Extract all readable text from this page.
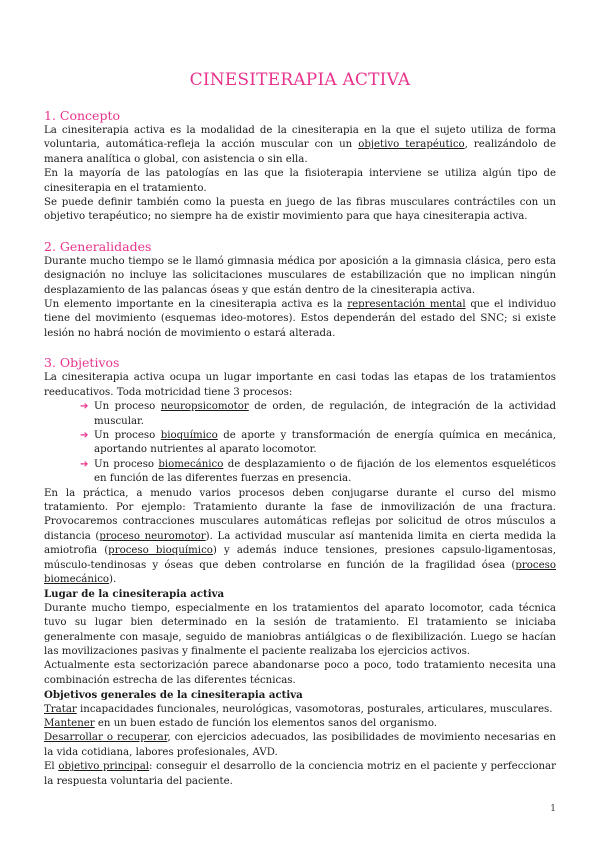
CINESITERAPIA ACTIVA
1. Concepto

La cinesiterapia activa es la modalidad de la cinesiterapia en la que el sujeto utiliza de forma voluntaria, automática-refleja la acción muscular con un objetivo terapéutico, realizándolo de manera analítica o global, con asistencia o sin ella.

En la mayoría de las patologías en las que la fisioterapia interviene se utiliza algún tipo de cinesiterapia en el tratamiento.

Se puede definir también como la puesta en juego de las fibras musculares contráctiles con un objetivo terapéutico; no siempre ha de existir movimiento para que haya cinesiterapia activa.

2. Generalidades

Durante mucho tiempo se le llamó gimnasia médica por aposición a la gimnasia clásica, pero esta designación no incluye las solicitaciones musculares de estabilización que no implican ningún desplazamiento de las palancas óseas y que están dentro de la cinesiterapia activa.

Un elemento importante en la cinesiterapia activa es la representación mental que el individuo tiene del movimiento (esquemas ideo-motores). Estos dependerán del estado del SNC; si existe lesión no habrá noción de movimiento o estará alterada.

3. Objetivos

La cinesiterapia activa ocupa un lugar importante en casi todas las etapas de los tratamientos reeducativos. Toda motricidad tiene 3 procesos:

➔ Un proceso neuropsicomotor de orden, de regulación, de integración de la actividad muscular.
➔ Un proceso bioquímico de aporte y transformación de energía química en mecánica, aportando nutrientes al aparato locomotor.
➔ Un proceso biomecánico de desplazamiento o de fijación de los elementos esqueléticos en función de las diferentes fuerzas en presencia.

En la práctica, a menudo varios procesos deben conjugarse durante el curso del mismo tratamiento. Por ejemplo: Tratamiento durante la fase de inmovilización de una fractura. Provocaremos contracciones musculares automáticas reflejas por solicitud de otros músculos a distancia (proceso neuromotor). La actividad muscular así mantenida limita en cierta medida la amiotrofia (proceso bioquímico) y además induce tensiones, presiones capsulo-ligamentosas, músculo-tendinosas y óseas que deben controlarse en función de la fragilidad ósea (proceso biomecánico).

Lugar de la cinesiterapia activa

Durante mucho tiempo, especialmente en los tratamientos del aparato locomotor, cada técnica tuvo su lugar bien determinado en la sesión de tratamiento. El tratamiento se iniciaba generalmente con masaje, seguido de maniobras antiálgicas o de flexibilización. Luego se hacían las movilizaciones pasivas y finalmente el paciente realizaba los ejercicios activos.

Actualmente esta sectorización parece abandonarse poco a poco, todo tratamiento necesita una combinación estrecha de las diferentes técnicas.

Objetivos generales de la cinesiterapia activa

Tratar incapacidades funcionales, neurológicas, vasomotoras, posturales, articulares, musculares.

Mantener en un buen estado de función los elementos sanos del organismo.

Desarrollar o recuperar, con ejercicios adecuados, las posibilidades de movimiento necesarias en la vida cotidiana, labores profesionales, AVD.

El objetivo principal: conseguir el desarrollo de la conciencia motriz en el paciente y perfeccionar la respuesta voluntaria del paciente.

1
